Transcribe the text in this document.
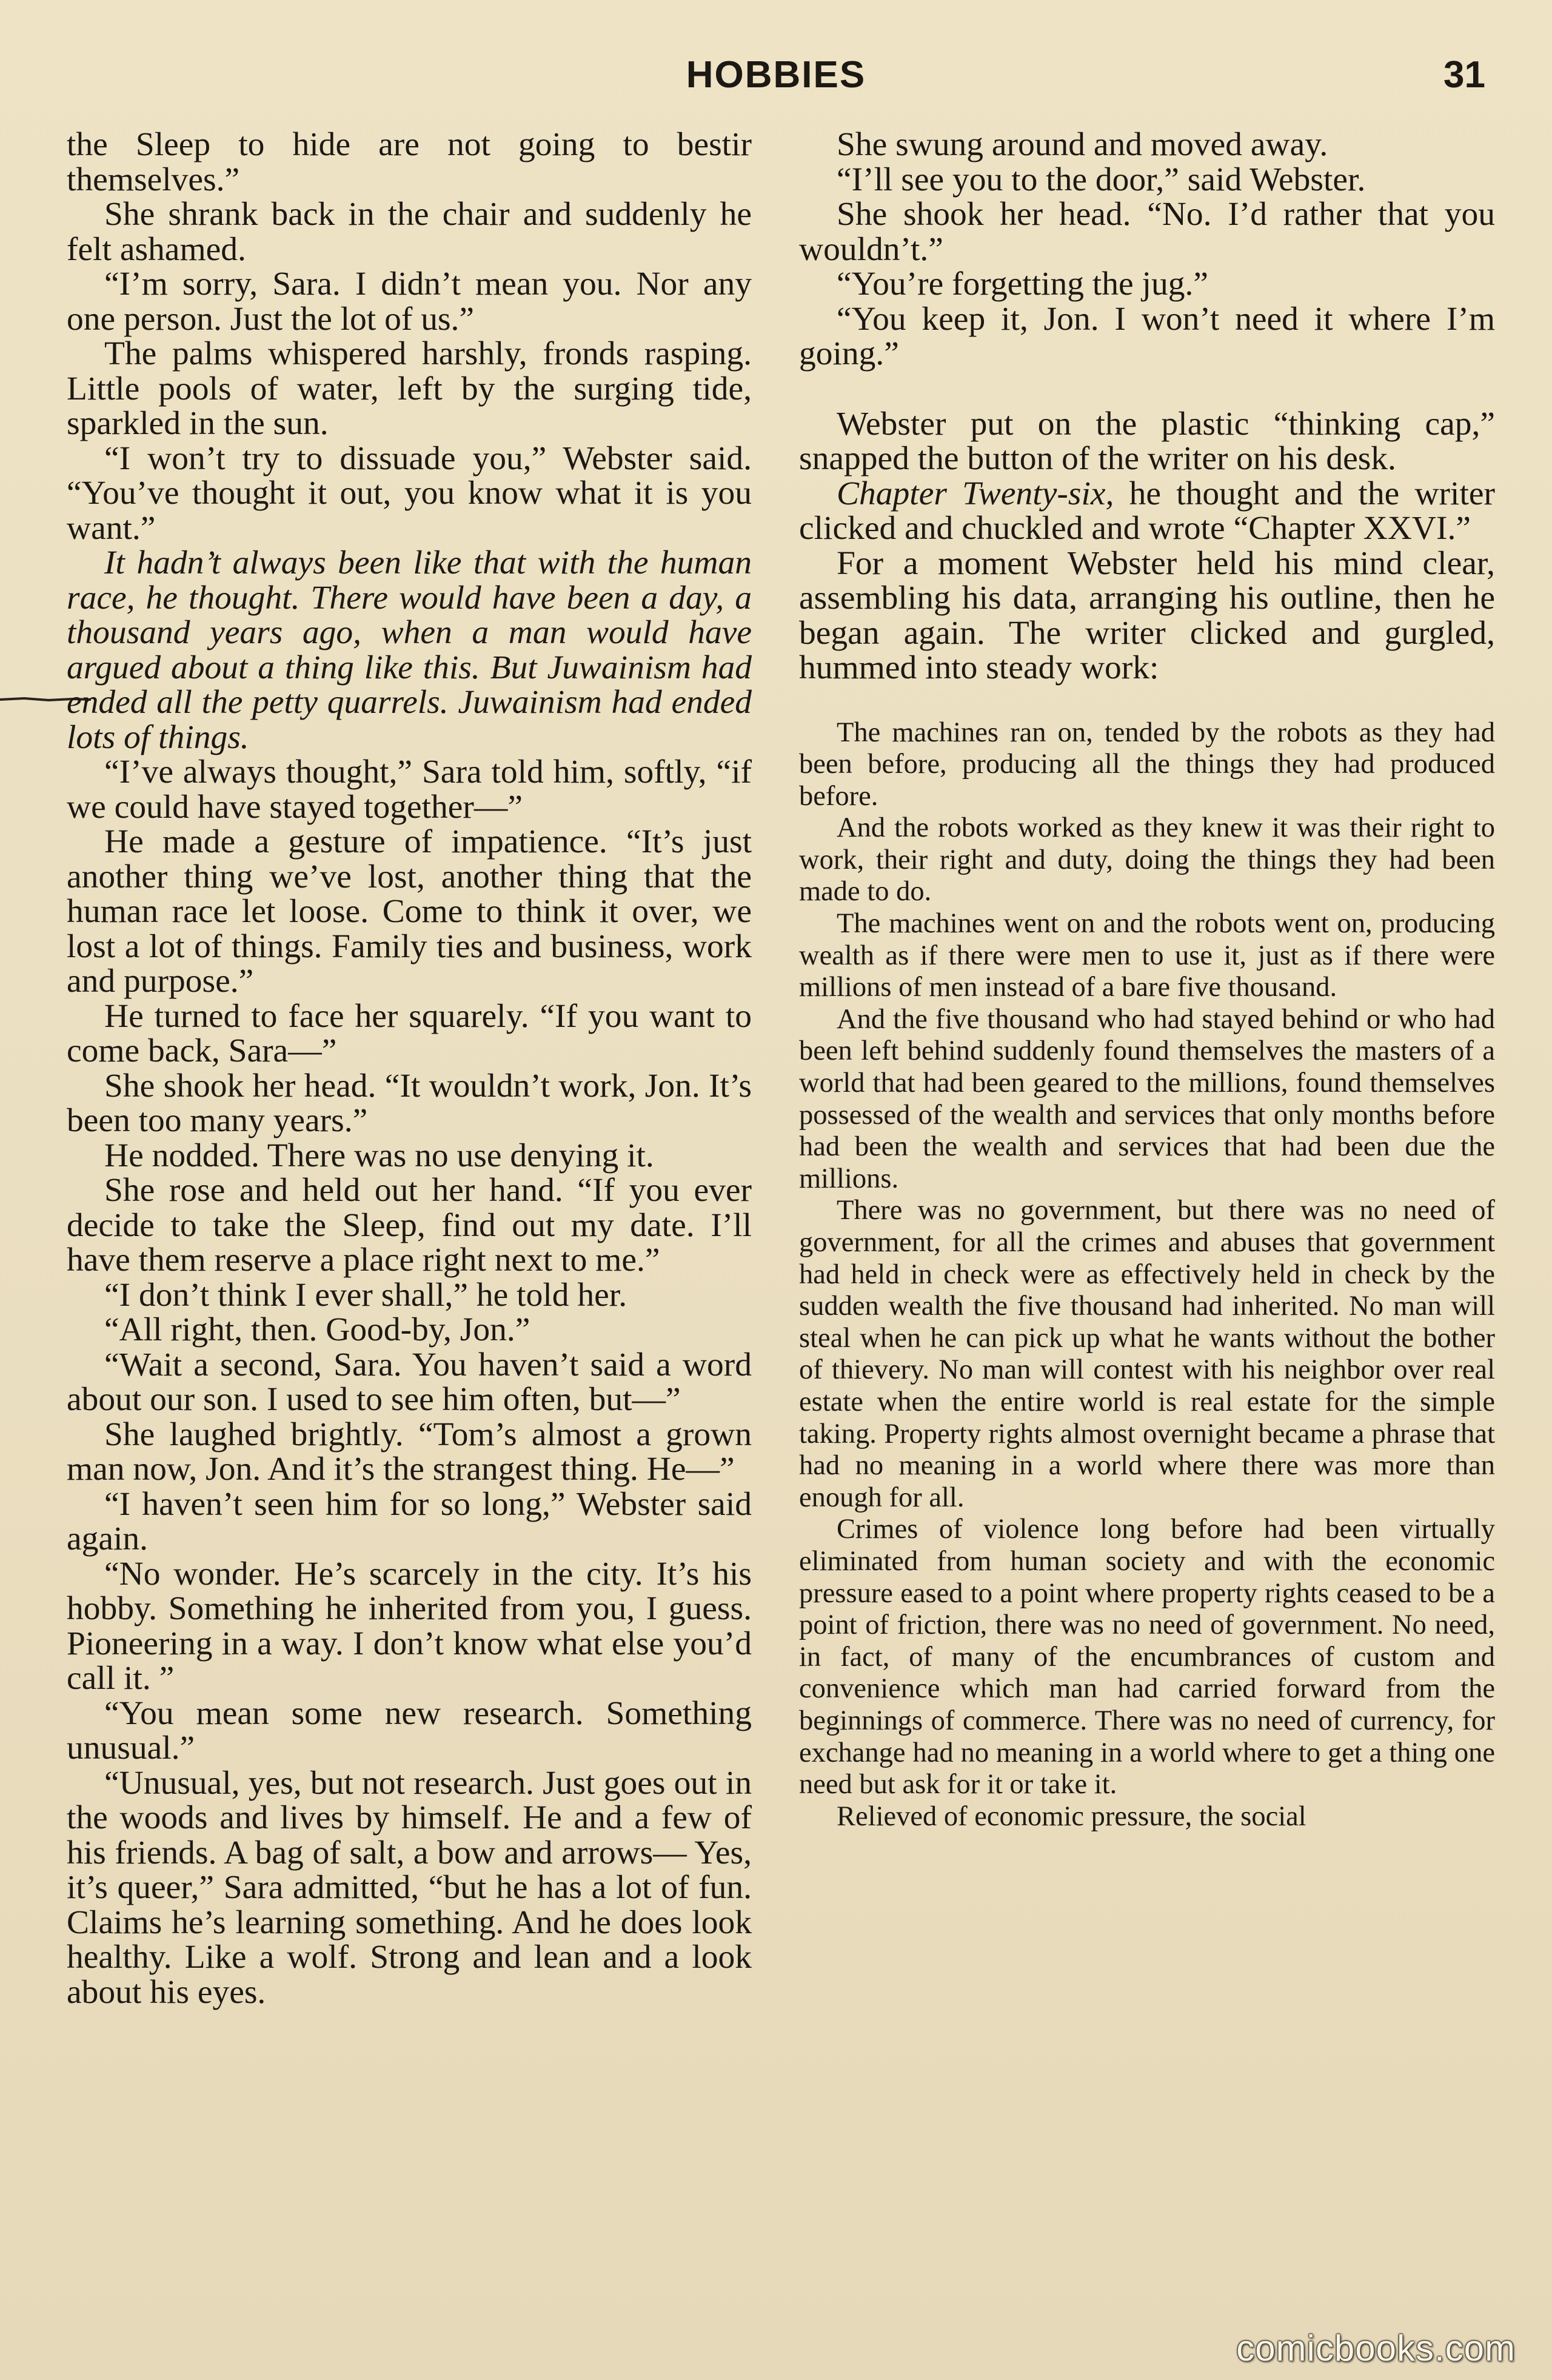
HOBBIES	31

the Sleep to hide are not going to bestir themselves.”

She shrank back in the chair and suddenly he felt ashamed.

“I’m sorry, Sara. I didn’t mean you. Nor any one person. Just the lot of us.”

The palms whispered harshly, fronds rasping. Little pools of water, left by the surging tide, sparkled in the sun.

“I won’t try to dissuade you,” Webster said. “You’ve thought it out, you know what it is you want.”

It hadn’t always been like that with the human race, he thought. There would have been a day, a thousand years ago, when a man would have argued about a thing like this. But Juwainism had ended all the petty quarrels. Juwainism had ended lots of things.

“I’ve always thought,” Sara told him, softly, “if we could have stayed together—”

He made a gesture of impatience. “It’s just another thing we’ve lost, another thing that the human race let loose. Come to think it over, we lost a lot of things. Family ties and business, work and purpose.”

He turned to face her squarely. “If you want to come back, Sara—”

She shook her head. “It wouldn’t work, Jon. It’s been too many years.”

He nodded. There was no use denying it.

She rose and held out her hand. “If you ever decide to take the Sleep, find out my date. I’ll have them reserve a place right next to me.”

“I don’t think I ever shall,” he told her.

“All right, then. Good-by, Jon.”

“Wait a second, Sara. You haven’t said a word about our son. I used to see him often, but—”

She laughed brightly. “Tom’s almost a grown man now, Jon. And it’s the strangest thing. He—”

“I haven’t seen him for so long,” Webster said again.

“No wonder. He’s scarcely in the city. It’s his hobby. Something he inherited from you, I guess. Pioneering in a way. I don’t know what else you’d call it. ”

“You mean some new research. Something unusual.”

“Unusual, yes, but not research. Just goes out in the woods and lives by himself. He and a few of his friends. A bag of salt, a bow and arrows— Yes, it’s queer,” Sara admitted, “but he has a lot of fun. Claims he’s learning something. And he does look healthy. Like a wolf. Strong and lean and a look about his eyes.

She swung around and moved away.

“I’ll see you to the door,” said Webster.

She shook her head. “No. I’d rather that you wouldn’t.”

“You’re forgetting the jug.”

“You keep it, Jon. I won’t need it where I’m going.”

Webster put on the plastic “thinking cap,” snapped the button of the writer on his desk.

Chapter Twenty-six, he thought and the writer clicked and chuckled and wrote “Chapter XXVI.”

For a moment Webster held his mind clear, assembling his data, arranging his outline, then he began again. The writer clicked and gurgled, hummed into steady work:

The machines ran on, tended by the robots as they had been before, producing all the things they had produced before.

And the robots worked as they knew it was their right to work, their right and duty, doing the things they had been made to do.

The machines went on and the robots went on, producing wealth as if there were men to use it, just as if there were millions of men instead of a bare five thousand.

And the five thousand who had stayed behind or who had been left behind suddenly found themselves the masters of a world that had been geared to the millions, found themselves possessed of the wealth and services that only months before had been the wealth and services that had been due the millions.

There was no government, but there was no need of government, for all the crimes and abuses that government had held in check were as effectively held in check by the sudden wealth the five thousand had inherited. No man will steal when he can pick up what he wants without the bother of thievery. No man will contest with his neighbor over real estate when the entire world is real estate for the simple taking. Property rights almost overnight became a phrase that had no meaning in a world where there was more than enough for all.

Crimes of violence long before had been virtually eliminated from human society and with the economic pressure eased to a point where property rights ceased to be a point of friction, there was no need of government. No need, in fact, of many of the encumbrances of custom and convenience which man had carried forward from the beginnings of commerce. There was no need of currency, for exchange had no meaning in a world where to get a thing one need but ask for it or take it.

Relieved of economic pressure, the social

comicbooks.com
